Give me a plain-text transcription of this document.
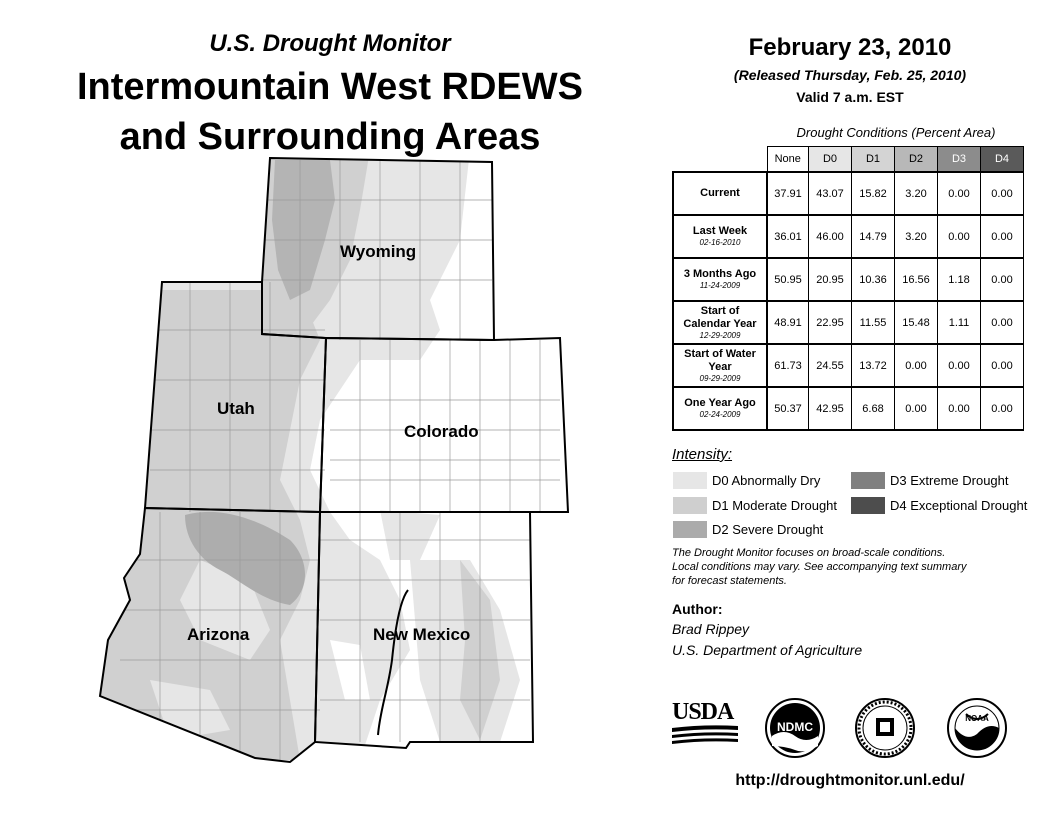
U.S. Drought Monitor
Intermountain West RDEWS
and Surrounding Areas
Wyoming
Utah
Colorado
Arizona	New Mexico
February 23, 2010
(Released Thursday, Feb. 25, 2010)
Valid 7 a.m. EST
Drought Conditions (Percent Area)
	None	D0	D1	D2	D3	D4

Current	37.91	43.07	15.82	3.20	0.00	0.00

Last Week
02-16-2010	36.01	46.00	14.79	3.20	0.00	0.00

3 Months Ago
11-24-2009	50.95	20.95	10.36	16.56	1.18	0.00

Start of Calendar Year
12-29-2009	48.91	22.95	11.55	15.48	1.11	0.00

Start of Water Year
09-29-2009	61.73	24.55	13.72	0.00	0.00	0.00

One Year Ago
02-24-2009	50.37	42.95	6.68	0.00	0.00	0.00
Intensity:
D0 Abnormally Dry
D1 Moderate Drought
D2 Severe Drought
D3 Extreme Drought
D4 Exceptional Drought
The Drought Monitor focuses on broad-scale conditions.
Local conditions may vary. See accompanying text summary
for forecast statements.
Author:
Brad Rippey
U.S. Department of Agriculture
USDA
NDMC
NOAA
http://droughtmonitor.unl.edu/
